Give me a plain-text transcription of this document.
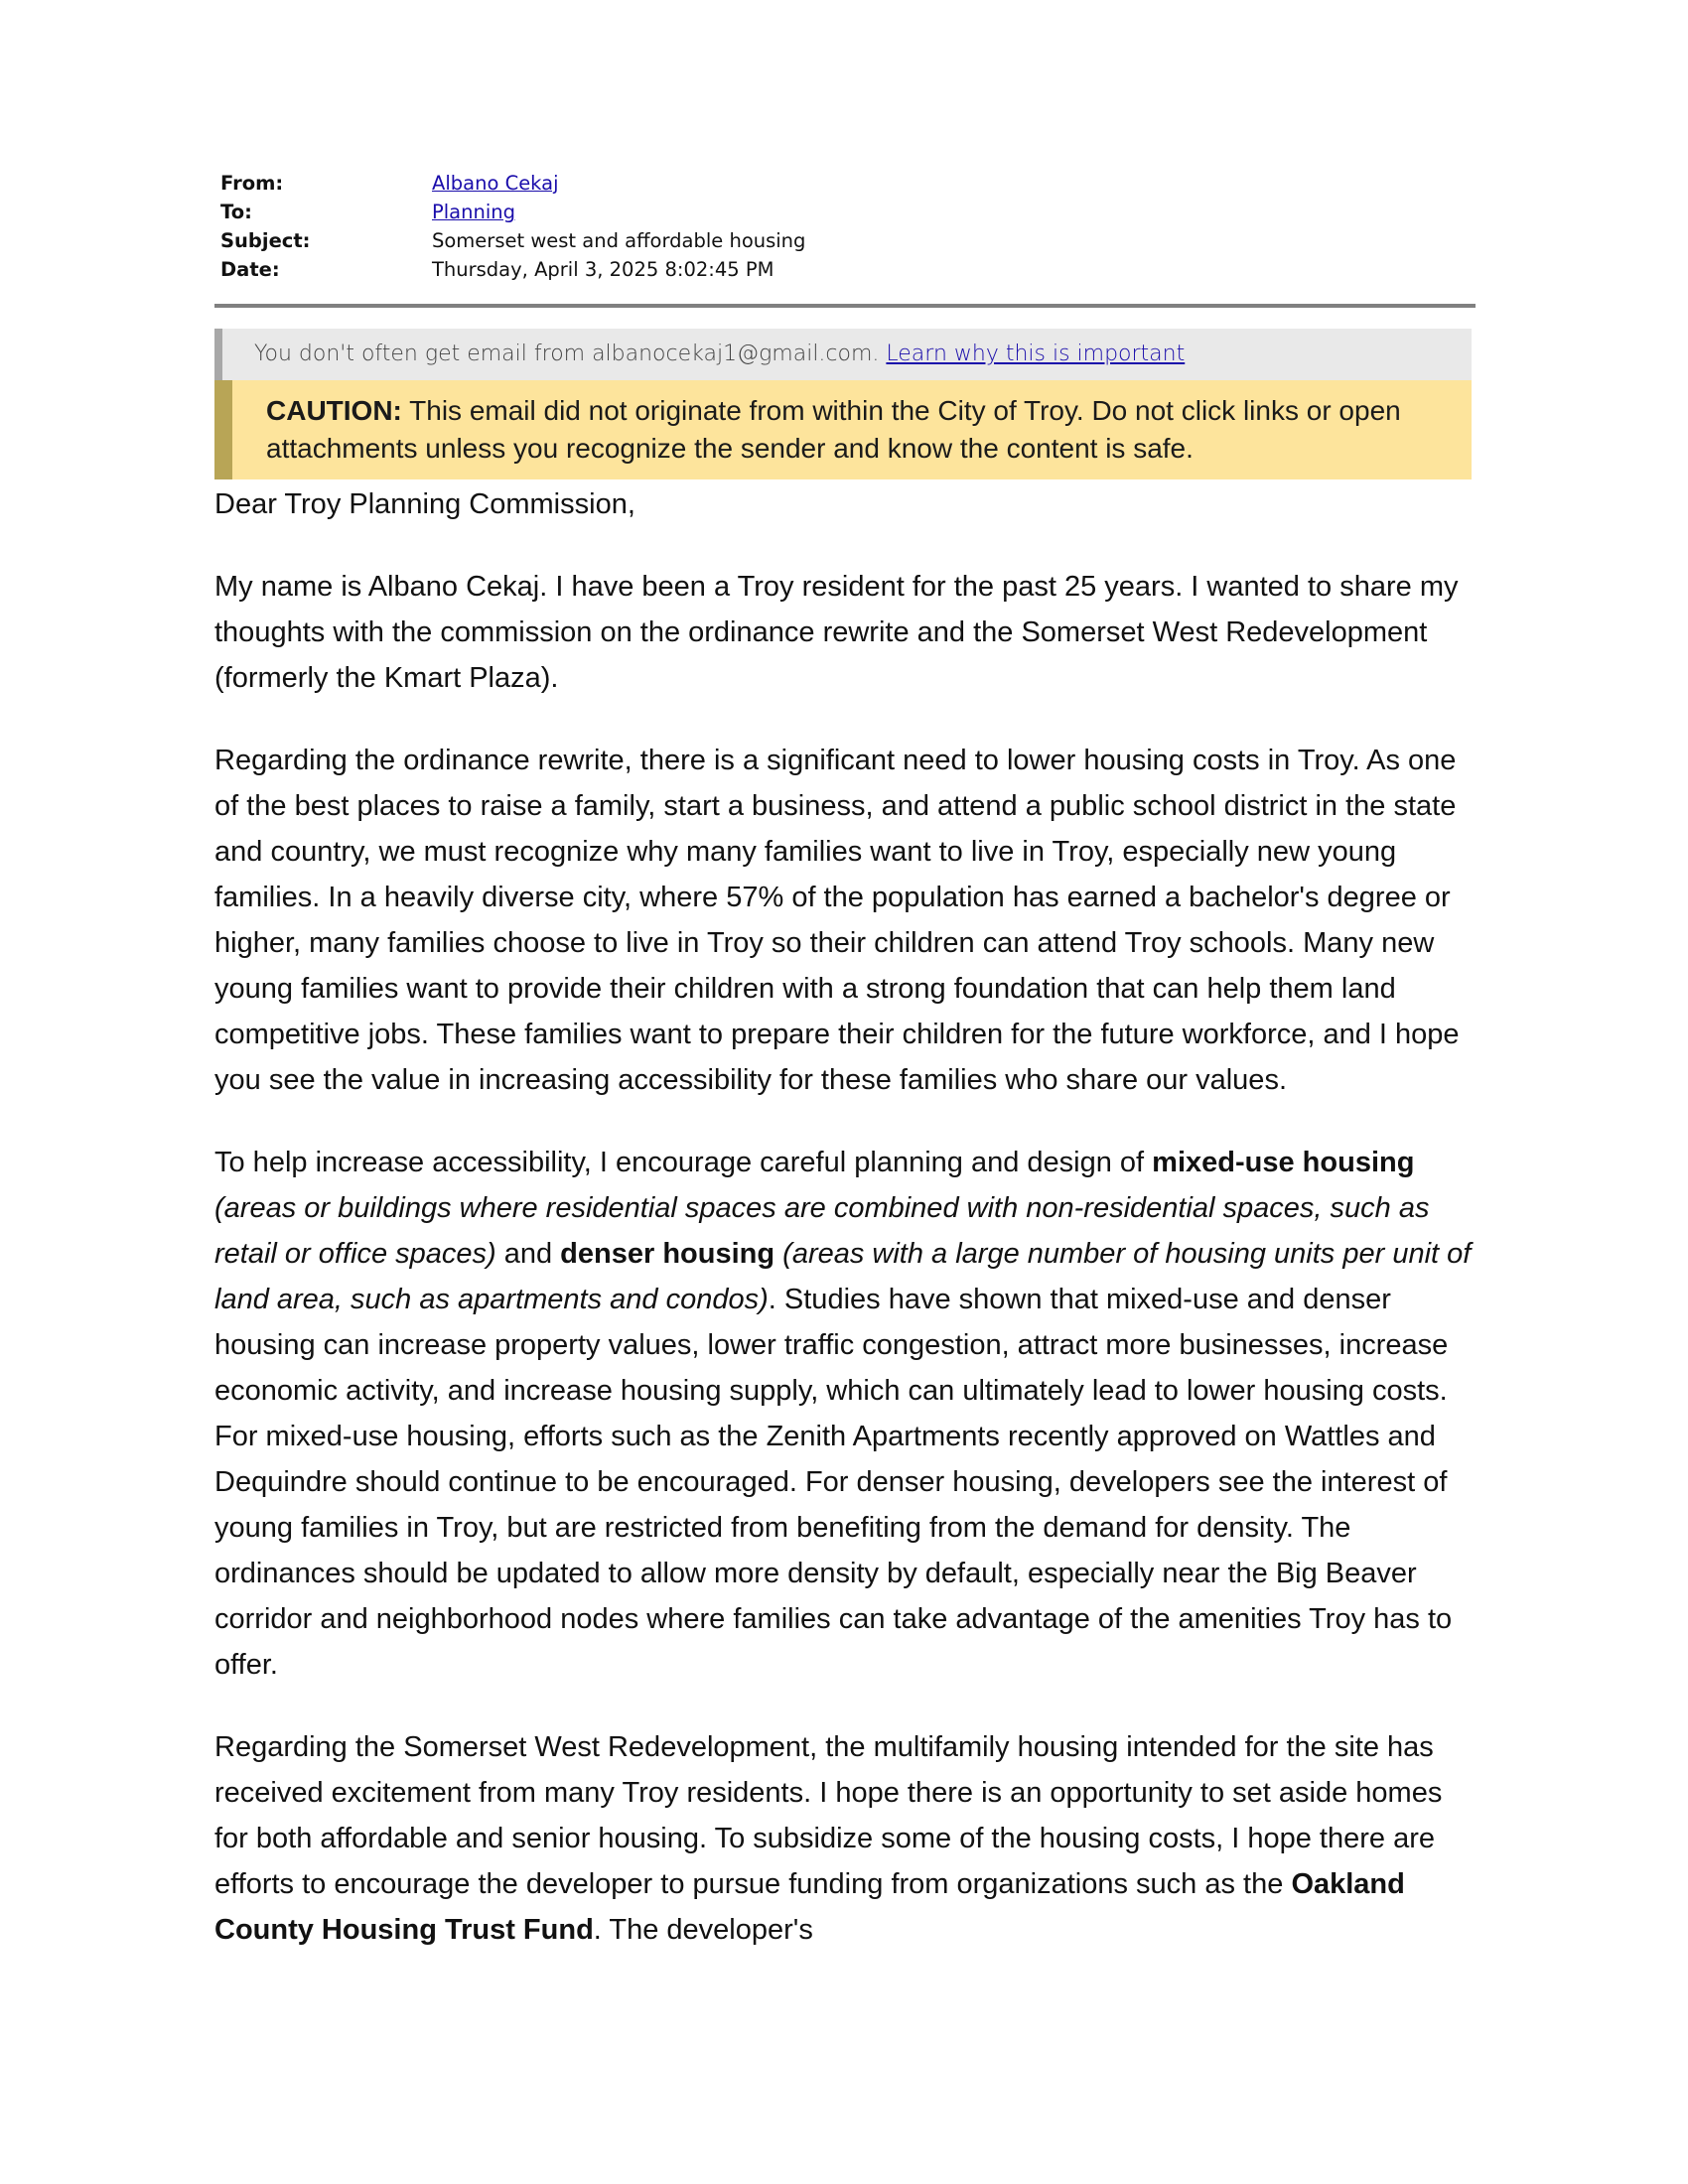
From:	Albano Cekaj
To:	Planning
Subject:	Somerset west and affordable housing
Date:	Thursday, April 3, 2025 8:02:45 PM
You don't often get email from albanocekaj1@gmail.com. Learn why this is important
CAUTION: This email did not originate from within the City of Troy. Do not click links or open attachments unless you recognize the sender and know the content is safe.

Dear Troy Planning Commission,

My name is Albano Cekaj. I have been a Troy resident for the past 25 years. I wanted to share my thoughts with the commission on the ordinance rewrite and the Somerset West Redevelopment (formerly the Kmart Plaza).

Regarding the ordinance rewrite, there is a significant need to lower housing costs in Troy. As one of the best places to raise a family, start a business, and attend a public school district in the state and country, we must recognize why many families want to live in Troy, especially new young families. In a heavily diverse city, where 57% of the population has earned a bachelor's degree or higher, many families choose to live in Troy so their children can attend Troy schools. Many new young families want to provide their children with a strong foundation that can help them land competitive jobs. These families want to prepare their children for the future workforce, and I hope you see the value in increasing accessibility for these families who share our values.

To help increase accessibility, I encourage careful planning and design of mixed-use housing (areas or buildings where residential spaces are combined with non-residential spaces, such as retail or office spaces) and denser housing (areas with a large number of housing units per unit of land area, such as apartments and condos). Studies have shown that mixed-use and denser housing can increase property values, lower traffic congestion, attract more businesses, increase economic activity, and increase housing supply, which can ultimately lead to lower housing costs. For mixed-use housing, efforts such as the Zenith Apartments recently approved on Wattles and Dequindre should continue to be encouraged. For denser housing, developers see the interest of young families in Troy, but are restricted from benefiting from the demand for density. The ordinances should be updated to allow more density by default, especially near the Big Beaver corridor and neighborhood nodes where families can take advantage of the amenities Troy has to offer.

Regarding the Somerset West Redevelopment, the multifamily housing intended for the site has received excitement from many Troy residents. I hope there is an opportunity to set aside homes for both affordable and senior housing. To subsidize some of the housing costs, I hope there are efforts to encourage the developer to pursue funding from organizations such as the Oakland County Housing Trust Fund. The developer's
